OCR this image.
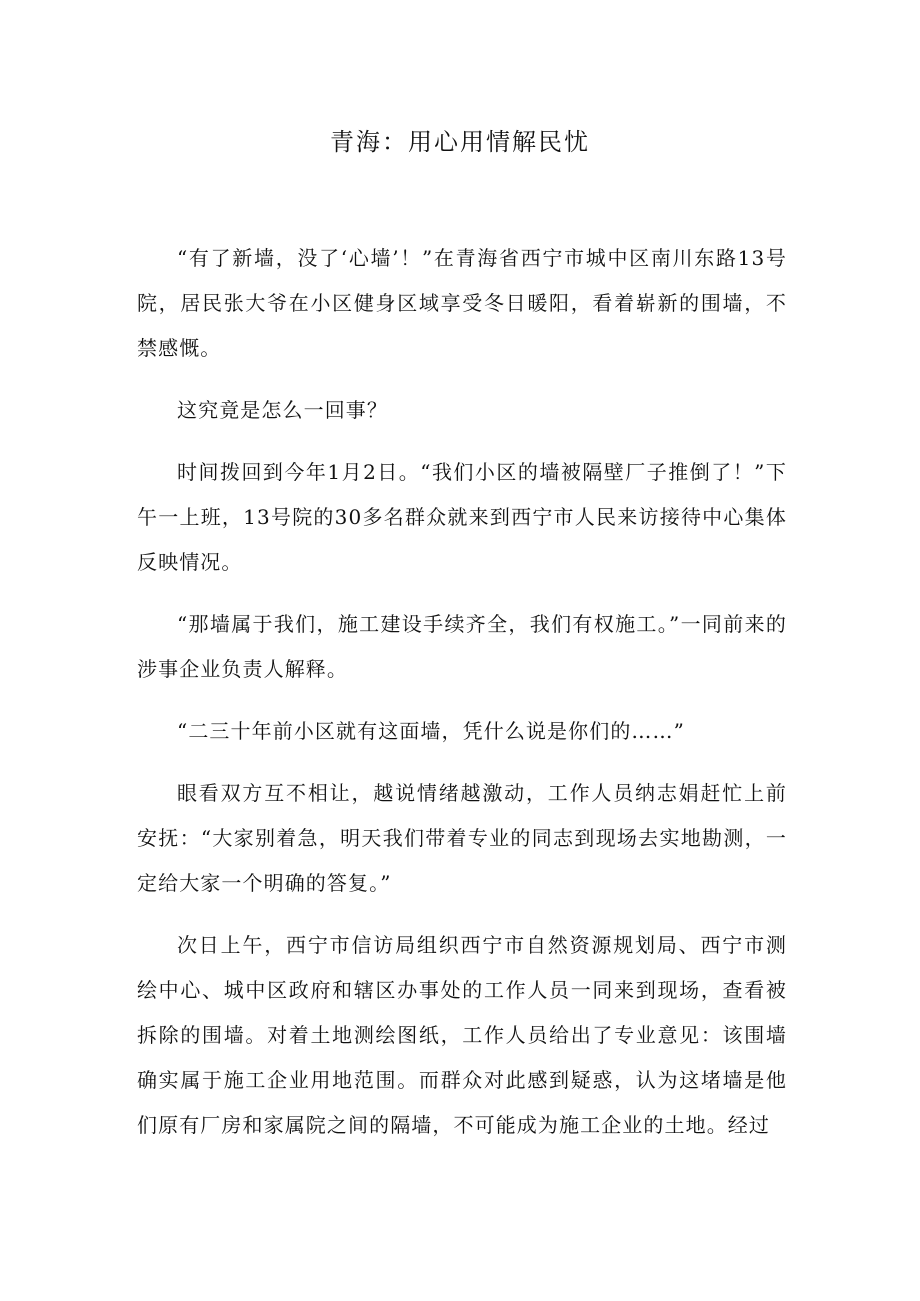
青海：用心用情解民忧

“有了新墙，没了‘心墙’！”在青海省西宁市城中区南川东路13号院，居民张大爷在小区健身区域享受冬日暖阳，看着崭新的围墙，不禁感慨。

这究竟是怎么一回事？

时间拨回到今年1月2日。“我们小区的墙被隔壁厂子推倒了！”下午一上班，13号院的30多名群众就来到西宁市人民来访接待中心集体反映情况。

“那墙属于我们，施工建设手续齐全，我们有权施工。”一同前来的涉事企业负责人解释。

“二三十年前小区就有这面墙，凭什么说是你们的……”

眼看双方互不相让，越说情绪越激动，工作人员纳志娟赶忙上前安抚：“大家别着急，明天我们带着专业的同志到现场去实地勘测，一定给大家一个明确的答复。”

次日上午，西宁市信访局组织西宁市自然资源规划局、西宁市测绘中心、城中区政府和辖区办事处的工作人员一同来到现场，查看被拆除的围墙。对着土地测绘图纸，工作人员给出了专业意见：该围墙确实属于施工企业用地范围。而群众对此感到疑惑，认为这堵墙是他们原有厂房和家属院之间的隔墙，不可能成为施工企业的土地。经过
